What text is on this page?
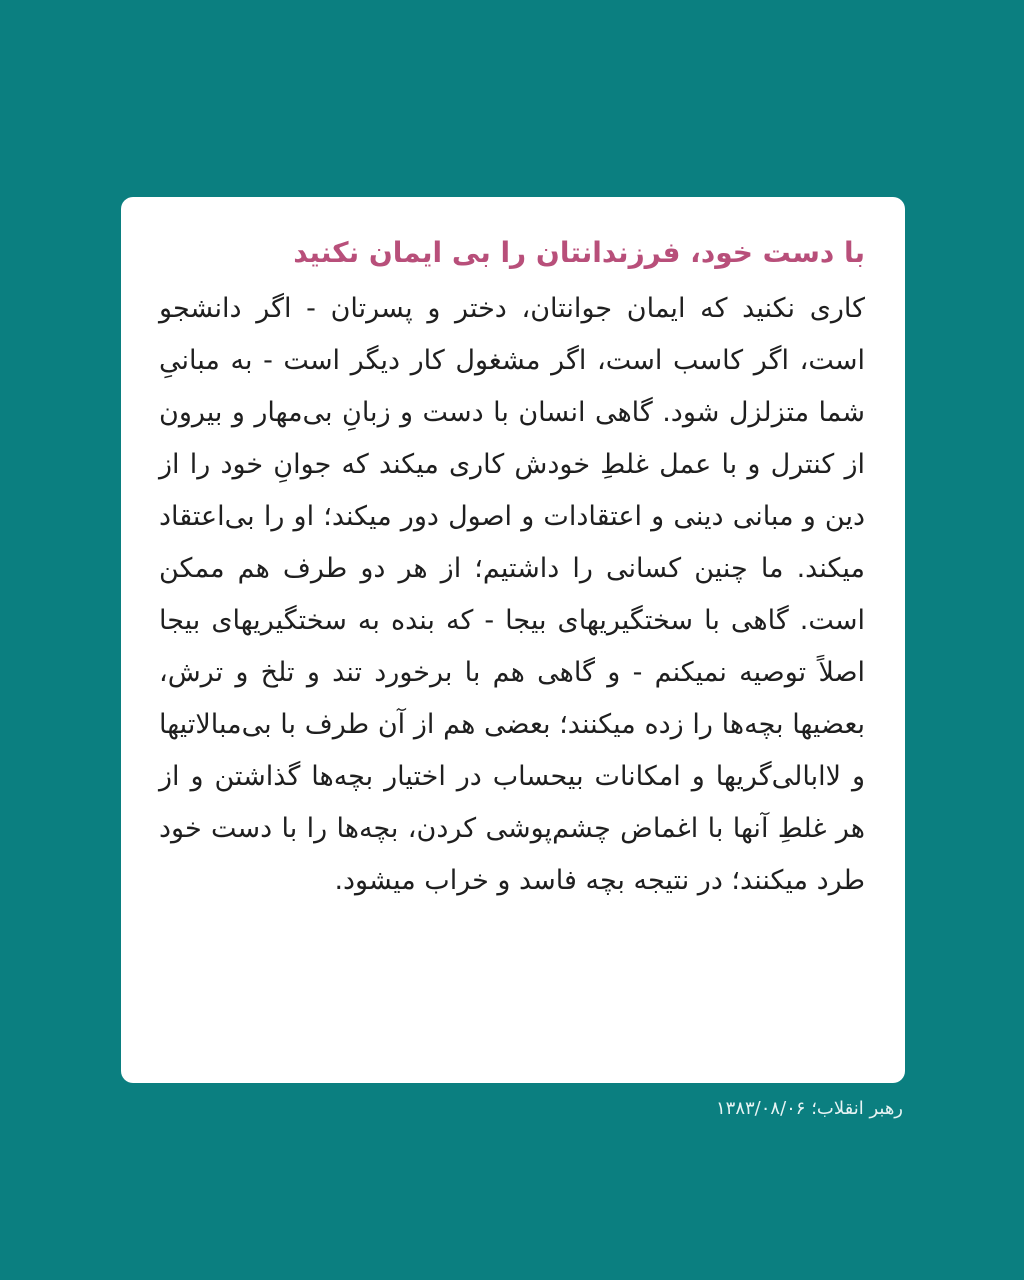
با دست خود، فرزندانتان را بی ایمان نکنید

کاری نکنید که ایمان جوانتان، دختر و پسرتان - اگر دانشجو است، اگر کاسب است، اگر مشغول کار دیگر است - به مبانیِ شما متزلزل شود. گاهی انسان با دست و زبانِ بی‌مهار و بیرون از کنترل و با عمل غلطِ خودش کاری میکند که جوانِ خود را از دین و مبانی دینی و اعتقادات و اصول دور میکند؛ او را بی‌اعتقاد میکند. ما چنین کسانی را داشتیم؛ از هر دو طرف هم ممکن است. گاهی با سختگیریهای بیجا - که بنده به سختگیریهای بیجا اصلاً توصیه نمیکنم - و گاهی هم با برخورد تند و تلخ و ترش، بعضیها بچه‌ها را زده میکنند؛ بعضی هم از آن طرف با بی‌مبالاتیها و لاابالی‌گریها و امکانات بیحساب در اختیار بچه‌ها گذاشتن و از هر غلطِ آنها با اغماض چشم‌پوشی کردن، بچه‌ها را با دست خود طرد میکنند؛ در نتیجه بچه فاسد و خراب میشود.

رهبر انقلاب؛ ۱۳۸۳/۰۸/۰۶
